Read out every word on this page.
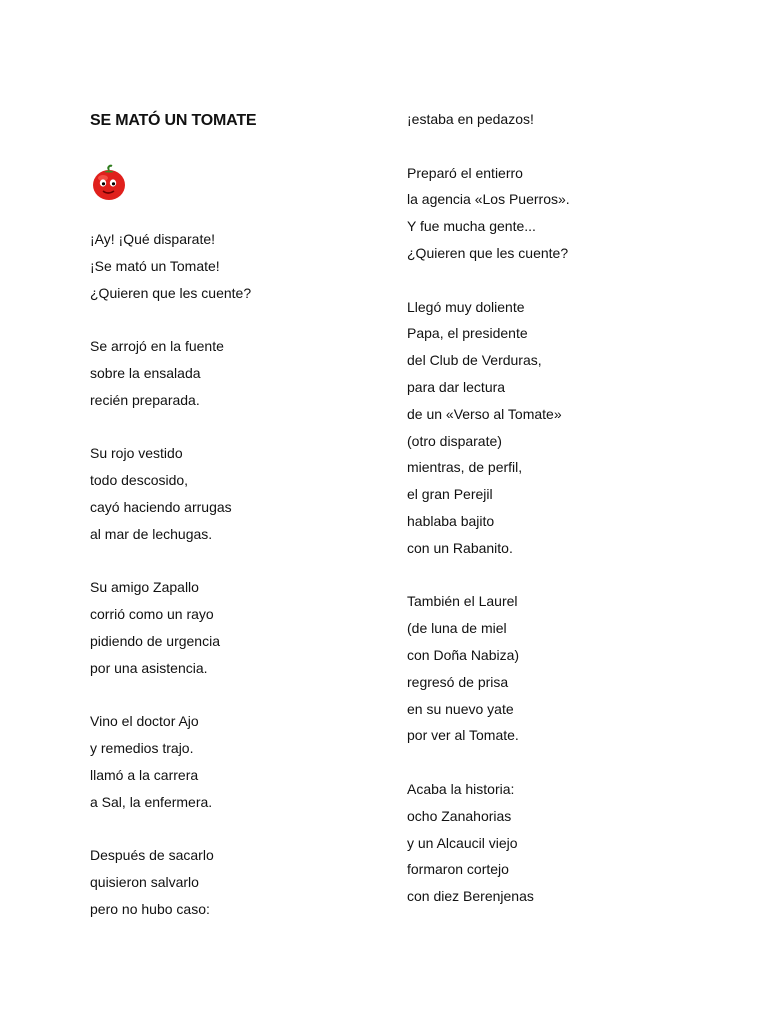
SE MATÓ UN TOMATE
¡Ay! ¡Qué disparate!
¡Se mató un Tomate!
¿Quieren que les cuente?
Se arrojó en la fuente
sobre la ensalada
recién preparada.
Su rojo vestido
todo descosido,
cayó haciendo arrugas
al mar de lechugas.
Su amigo Zapallo
corrió como un rayo
pidiendo de urgencia
por una asistencia.
Vino el doctor Ajo
y remedios trajo.
llamó a la carrera
a Sal, la enfermera.
Después de sacarlo
quisieron salvarlo
pero no hubo caso:
¡estaba en pedazos!
Preparó el entierro
la agencia «Los Puerros».
Y fue mucha gente...
¿Quieren que les cuente?
Llegó muy doliente
Papa, el presidente
del Club de Verduras,
para dar lectura
de un «Verso al Tomate»
(otro disparate)
mientras, de perfil,
el gran Perejil
hablaba bajito
con un Rabanito.
También el Laurel
(de luna de miel
con Doña Nabiza)
regresó de prisa
en su nuevo yate
por ver al Tomate.
Acaba la historia:
ocho Zanahorias
y un Alcaucil viejo
formaron cortejo
con diez Berenjenas
